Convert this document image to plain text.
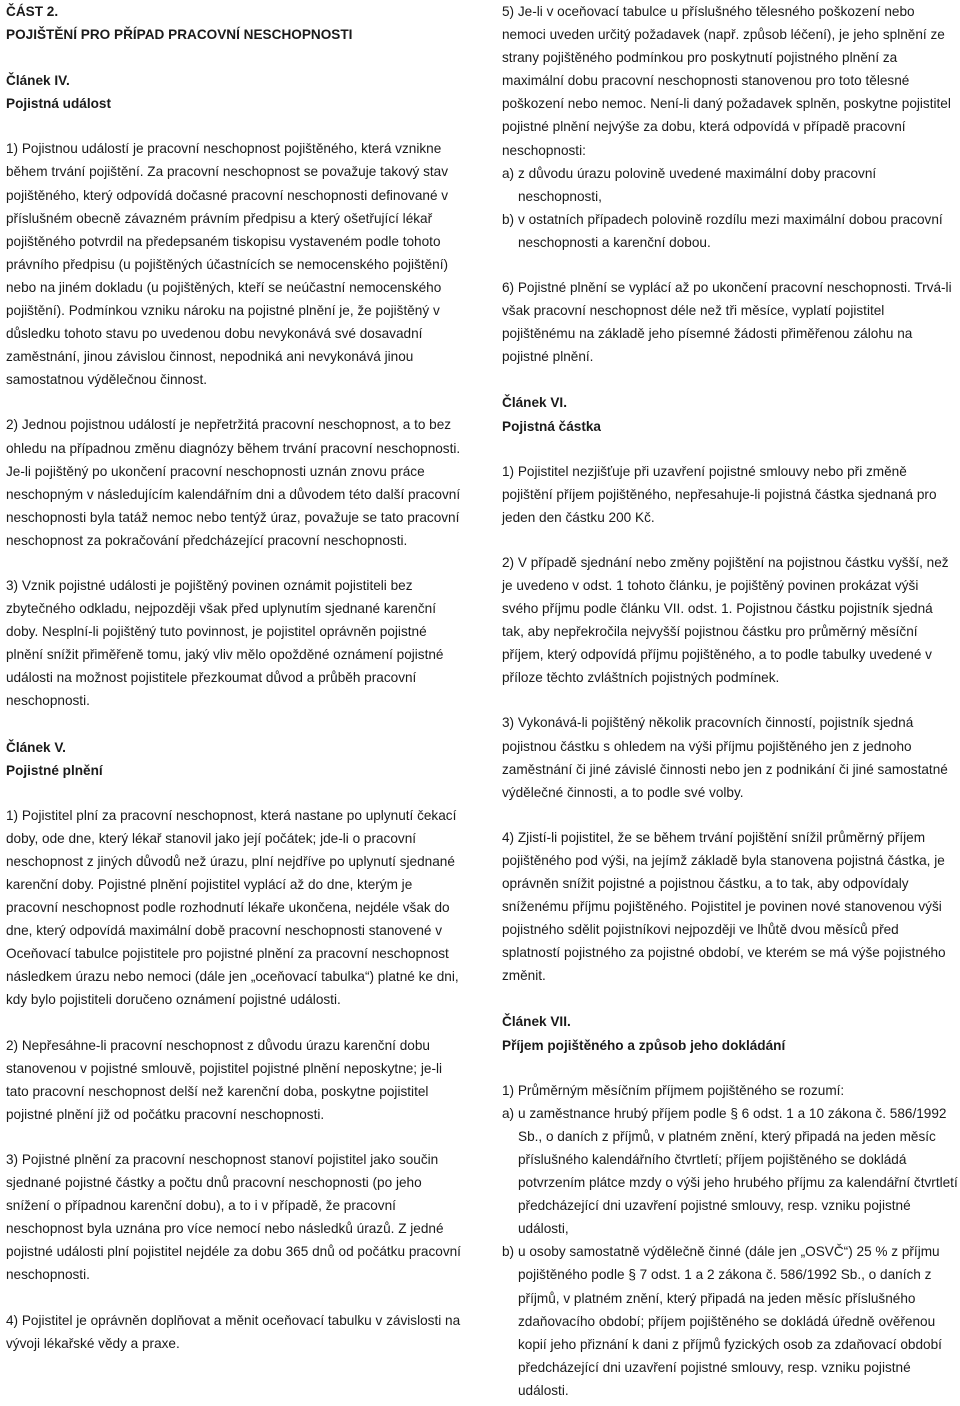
ČÁST 2.
POJIŠTĚNÍ PRO PŘÍPAD PRACOVNÍ NESCHOPNOSTI
Článek IV.
Pojistná událost

1) Pojistnou událostí je pracovní neschopnost pojištěného, která vznikne během trvání pojištění. Za pracovní neschopnost se považuje takový stav pojištěného, který odpovídá dočasné pracovní neschopnosti definované v příslušném obecně závazném právním předpisu a který ošetřující lékař pojištěného potvrdil na předepsaném tiskopisu vystaveném podle tohoto právního předpisu (u pojištěných účastnících se nemocenského pojištění) nebo na jiném dokladu (u pojištěných, kteří se neúčastní nemocenského pojištění). Podmínkou vzniku nároku na pojistné plnění je, že pojištěný v důsledku tohoto stavu po uvedenou dobu nevykonává své dosavadní zaměstnání, jinou závislou činnost, nepodniká ani nevykonává jinou samostatnou výdělečnou činnost.

2) Jednou pojistnou událostí je nepřetržitá pracovní neschopnost, a to bez ohledu na případnou změnu diagnózy během trvání pracovní neschopnosti. Je-li pojištěný po ukončení pracovní neschopnosti uznán znovu práce neschopným v následujícím kalendářním dni a důvodem této další pracovní neschopnosti byla tatáž nemoc nebo tentýž úraz, považuje se tato pracovní neschopnost za pokračování předcházející pracovní neschopnosti.

3) Vznik pojistné události je pojištěný povinen oznámit pojistiteli bez zbytečného odkladu, nejpozději však před uplynutím sjednané karenční doby. Nesplní-li pojištěný tuto povinnost, je pojistitel oprávněn pojistné plnění snížit přiměřeně tomu, jaký vliv mělo opožděné oznámení pojistné události na možnost pojistitele přezkoumat důvod a průběh pracovní neschopnosti.

Článek V.
Pojistné plnění

1) Pojistitel plní za pracovní neschopnost, která nastane po uplynutí čekací doby, ode dne, který lékař stanovil jako její počátek; jde-li o pracovní neschopnost z jiných důvodů než úrazu, plní nejdříve po uplynutí sjednané karenční doby. Pojistné plnění pojistitel vyplácí až do dne, kterým je pracovní neschopnost podle rozhodnutí lékaře ukončena, nejdéle však do dne, který odpovídá maximální době pracovní neschopnosti stanovené v Oceňovací tabulce pojistitele pro pojistné plnění za pracovní neschopnost následkem úrazu nebo nemoci (dále jen „oceňovací tabulka“) platné ke dni, kdy bylo pojistiteli doručeno oznámení pojistné události.

2) Nepřesáhne-li pracovní neschopnost z důvodu úrazu karenční dobu stanovenou v pojistné smlouvě, pojistitel pojistné plnění neposkytne; je-li tato pracovní neschopnost delší než karenční doba, poskytne pojistitel pojistné plnění již od počátku pracovní neschopnosti.

3) Pojistné plnění za pracovní neschopnost stanoví pojistitel jako součin sjednané pojistné částky a počtu dnů pracovní neschopnosti (po jeho snížení o případnou karenční dobu), a to i v případě, že pracovní neschopnost byla uznána pro více nemocí nebo následků úrazů. Z jedné pojistné události plní pojistitel nejdéle za dobu 365 dnů od počátku pracovní neschopnosti.

4) Pojistitel je oprávněn doplňovat a měnit oceňovací tabulku v závislosti na vývoji lékařské vědy a praxe.

5) Je-li v oceňovací tabulce u příslušného tělesného poškození nebo nemoci uveden určitý požadavek (např. způsob léčení), je jeho splnění ze strany pojištěného podmínkou pro poskytnutí pojistného plnění za maximální dobu pracovní neschopnosti stanovenou pro toto tělesné poškození nebo nemoc. Není-li daný požadavek splněn, poskytne pojistitel pojistné plnění nejvýše za dobu, která odpovídá v případě pracovní neschopnosti:

a) z důvodu úrazu polovině uvedené maximální doby pracovní neschopnosti,
b) v ostatních případech polovině rozdílu mezi maximální dobou pracovní neschopnosti a karenční dobou.

6) Pojistné plnění se vyplácí až po ukončení pracovní neschopnosti. Trvá-li však pracovní neschopnost déle než tři měsíce, vyplatí pojistitel pojištěnému na základě jeho písemné žádosti přiměřenou zálohu na pojistné plnění.

Článek VI.
Pojistná částka

1) Pojistitel nezjišťuje při uzavření pojistné smlouvy nebo při změně pojištění příjem pojištěného, nepřesahuje-li pojistná částka sjednaná pro jeden den částku 200 Kč.

2) V případě sjednání nebo změny pojištění na pojistnou částku vyšší, než je uvedeno v odst. 1 tohoto článku, je pojištěný povinen prokázat výši svého příjmu podle článku VII. odst. 1. Pojistnou částku pojistník sjedná tak, aby nepřekročila nejvyšší pojistnou částku pro průměrný měsíční příjem, který odpovídá příjmu pojištěného, a to podle tabulky uvedené v příloze těchto zvláštních pojistných podmínek.

3) Vykonává-li pojištěný několik pracovních činností, pojistník sjedná pojistnou částku s ohledem na výši příjmu pojištěného jen z jednoho zaměstnání či jiné závislé činnosti nebo jen z podnikání či jiné samostatné výdělečné činnosti, a to podle své volby.

4) Zjistí-li pojistitel, že se během trvání pojištění snížil průměrný příjem pojištěného pod výši, na jejímž základě byla stanovena pojistná částka, je oprávněn snížit pojistné a pojistnou částku, a to tak, aby odpovídaly sníženému příjmu pojištěného. Pojistitel je povinen nové stanovenou výši pojistného sdělit pojistníkovi nejpozději ve lhůtě dvou měsíců před splatností pojistného za pojistné období, ve kterém se má výše pojistného změnit.

Článek VII.
Příjem pojištěného a způsob jeho dokládání

1) Průměrným měsíčním příjmem pojištěného se rozumí:

a) u zaměstnance hrubý příjem podle § 6 odst. 1 a 10 zákona č. 586/1992 Sb., o daních z příjmů, v platném znění, který připadá na jeden měsíc příslušného kalendářního čtvrtletí; příjem pojištěného se dokládá potvrzením plátce mzdy o výši jeho hrubého příjmu za kalendářní čtvrtletí předcházející dni uzavření pojistné smlouvy, resp. vzniku pojistné události,
b) u osoby samostatně výdělečně činné (dále jen „OSVČ“) 25 % z příjmu pojištěného podle § 7 odst. 1 a 2 zákona č. 586/1992 Sb., o daních z příjmů, v platném znění, který připadá na jeden měsíc příslušného zdaňovacího období; příjem pojištěného se dokládá úředně ověřenou kopií jeho přiznání k dani z příjmů fyzických osob za zdaňovací období předcházející dni uzavření pojistné smlouvy, resp. vzniku pojistné události.
